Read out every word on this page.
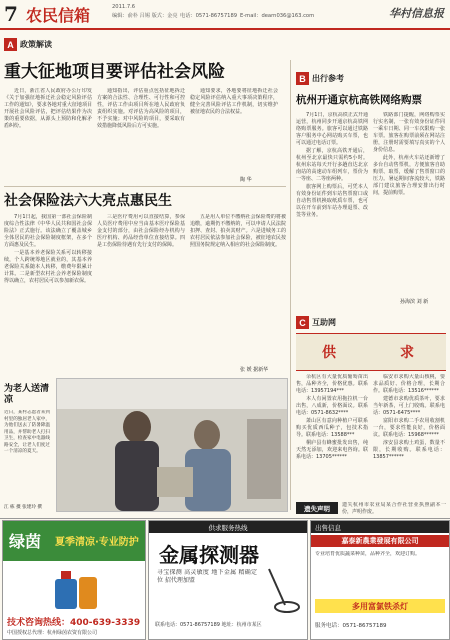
7 农民信箱	2011.7.6
编辑：俞朴 吕锡 版式：金亮 电话：0571-86757189 E-mail：dearn036@163.com	华村信息报
A 政策解读
重大征地项目要评估社会风险

近日，浙江省人民政府办公厅印发《关于加强征地拆迁社会稳定风险评估工作的通知》，要求各地对重大征地项目开展社会风险评估，把评估结果作为决策的重要依据，从源头上预防和化解矛盾纠纷。

通知指出，评估重点包括征地拆迁方案的合法性、合理性、可行性和可控性，评估工作由项目所在地人民政府负责组织实施。对评估为高风险的项目，不予实施；对中风险的项目，要采取有效措施降低风险后方可实施。

通知要求，各地要将征地拆迁社会稳定风险评估纳入重大事项决策程序，健全完善风险评估工作机制，切实维护被征地农民的合法权益。

陶 华
社会保险法六大亮点惠民生

7月1日起，我国第一部社会保险制度综合性法律《中华人民共和国社会保险法》正式施行。该法确立了覆盖城乡全体居民的社会保险制度框架，在多个方面惠及民生。

一是基本养老保险关系可以转移接续，个人跨统筹地区就业的，其基本养老保险关系随本人转移，缴费年限累计计算。二是新型农村社会养老保险制度得以确立，农村居民可以参加新农保。

三是医疗费用可以直接结算，参保人员医疗费用中应当由基本医疗保险基金支付的部分，由社会保险经办机构与医疗机构、药品经营单位直接结算。四是工伤保险待遇有先行支付的保障。

五是用人单位不缴纳社会保险费的将被追缴，逾期仍不缴纳的，可以申请人民法院扣押、查封、拍卖其财产。六是进城务工的农村居民依法参加社会保险，被征地农民按照国务院规定纳入相应的社会保险制度。

张 媛 据新华
为老人送清凉
近日，某村志愿者来到村里的独居老人家中，为他们送去了防暑降温用品，并帮助老人打扫卫生，检查家中电器线路安全，让老人们度过一个清凉的夏天。
江 栋 摄 张建玲 撰
B 出行参考
杭州开通京杭高铁网络购票

7月1日，京杭高铁正式开通运营，杭州同步开通京杭高铁网络购票服务。旅客可以通过铁路客户服务中心网站购买车票，也可以通过电话订票。

据了解，京杭高铁开通后，杭州至北京最快只需约5小时。杭州东站每天开行多趟直达北京南站的高速动车组列车，票价为一等座、二等座两种。

旅客网上购票后，可凭本人有效身份证件到车站售票窗口或自动售票机换取纸质车票，也可以在开车前到车站办理退票、改签等业务。

铁路部门提醒，网络购票实行实名制，一张有效身份证件同一乘车日期、同一车次限购一张车票。旅客在购票前须在网站注册，注册时需要填写真实的个人身份信息。

此外，杭州火车站还新增了多台自动售票机，方便旅客自助购票、取票，缓解了售票窗口的压力。暑运期间客流较大，铁路部门建议旅客合理安排出行时间，提前购票。

孙海滨 刘 新
C 互助网
供	求

余杭区有大量优质葡萄苗出售，品种齐全，价格优惠。联系电话：13957194***

本人有闲置农用拖拉机一台出售，八成新，价格面议。联系电话：0571-8632****

萧山区有意向种植户可联系购买优质西瓜种子，包技术指导。联系电话：13588***

桐庐县有蜂蜜批发出售，纯天然无添加，欢迎来电咨询。联系电话：13705******

临安市求购大量山核桃，要求品质好、价格合理，长期合作。联系电话：13516******

建德市求购优质茶叶，要求当年新茶，可上门收购。联系电话：0571-6475****

富阳市求购二手农用收割机一台，要求性能良好，价格面议。联系电话：15968******

淳安县求购土鸡蛋，数量不限，长期收购。联系电话：13857******

遗失声明	遗失杭州市农业局某合作社营业执照副本一份，声明作废。
绿茵 夏季清凉·专业防护
技术咨询热线：400-639-3339
中国授权总代理：杭州绿茵农资有限公司
供求服务热线
金属探测器
寻宝探测 高灵敏度 地下金属 精确定位 招代理加盟
联系电话：0571-86757189 地址：杭州市某区
出售信息
嘉泰新農業發展有限公司
专业培育优质蔬菜种苗，品种齐全，欢迎订购。
多用富氯铁杀灯
服务电话：0571-86757189
